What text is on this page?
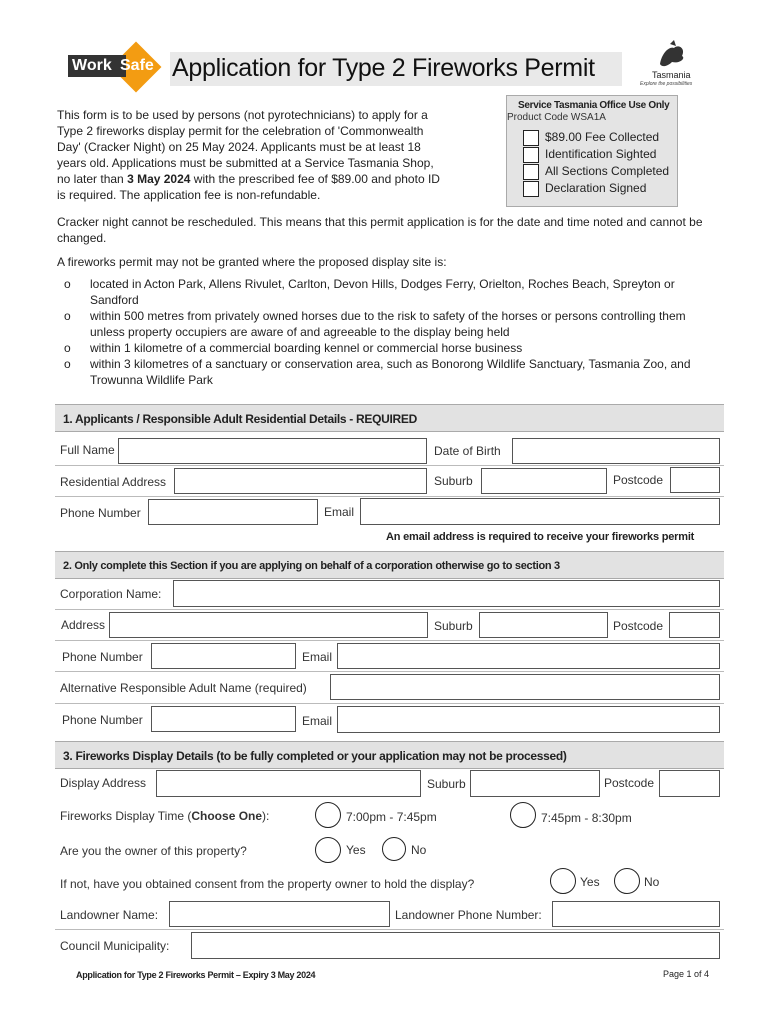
Work Safe Application for Type 2 Fireworks Permit	Tasmania
Explore the possibilities
This form is to be used by persons (not pyrotechnicians) to apply for a
Type 2 fireworks display permit for the celebration of 'Commonwealth
Day' (Cracker Night) on 25 May 2024. Applicants must be at least 18
years old. Applications must be submitted at a Service Tasmania Shop,
no later than 3 May 2024 with the prescribed fee of $89.00 and photo ID
is required. The application fee is non-refundable.
Service Tasmania Office Use Only
Product Code WSA1A
$89.00 Fee Collected
Identification Sighted
All Sections Completed
Declaration Signed
Cracker night cannot be rescheduled. This means that this permit application is for the date and time noted and cannot be changed.
A fireworks permit may not be granted where the proposed display site is:
o located in Acton Park, Allens Rivulet, Carlton, Devon Hills, Dodges Ferry, Orielton, Roches Beach, Spreyton or Sandford
o within 500 metres from privately owned horses due to the risk to safety of the horses or persons controlling them unless property occupiers are aware of and agreeable to the display being held
o within 1 kilometre of a commercial boarding kennel or commercial horse business
o within 3 kilometres of a sanctuary or conservation area, such as Bonorong Wildlife Sanctuary, Tasmania Zoo, and Trowunna Wildlife Park
1. Applicants / Responsible Adult Residential Details - REQUIRED
Full Name	Date of Birth
Residential Address	Suburb	Postcode
Phone Number	Email
An email address is required to receive your fireworks permit
2. Only complete this Section if you are applying on behalf of a corporation otherwise go to section 3
Corporation Name:
Address	Suburb	Postcode
Phone Number	Email
Alternative Responsible Adult Name (required)
Phone Number	Email
3. Fireworks Display Details (to be fully completed or your application may not be processed)
Display Address	Suburb	Postcode
Fireworks Display Time (Choose One):	7:00pm - 7:45pm	7:45pm - 8:30pm
Are you the owner of this property?	Yes	No
If not, have you obtained consent from the property owner to hold the display?	Yes	No
Landowner Name:	Landowner Phone Number:
Council Municipality:
Application for Type 2 Fireworks Permit – Expiry 3 May 2024	Page 1 of 4
